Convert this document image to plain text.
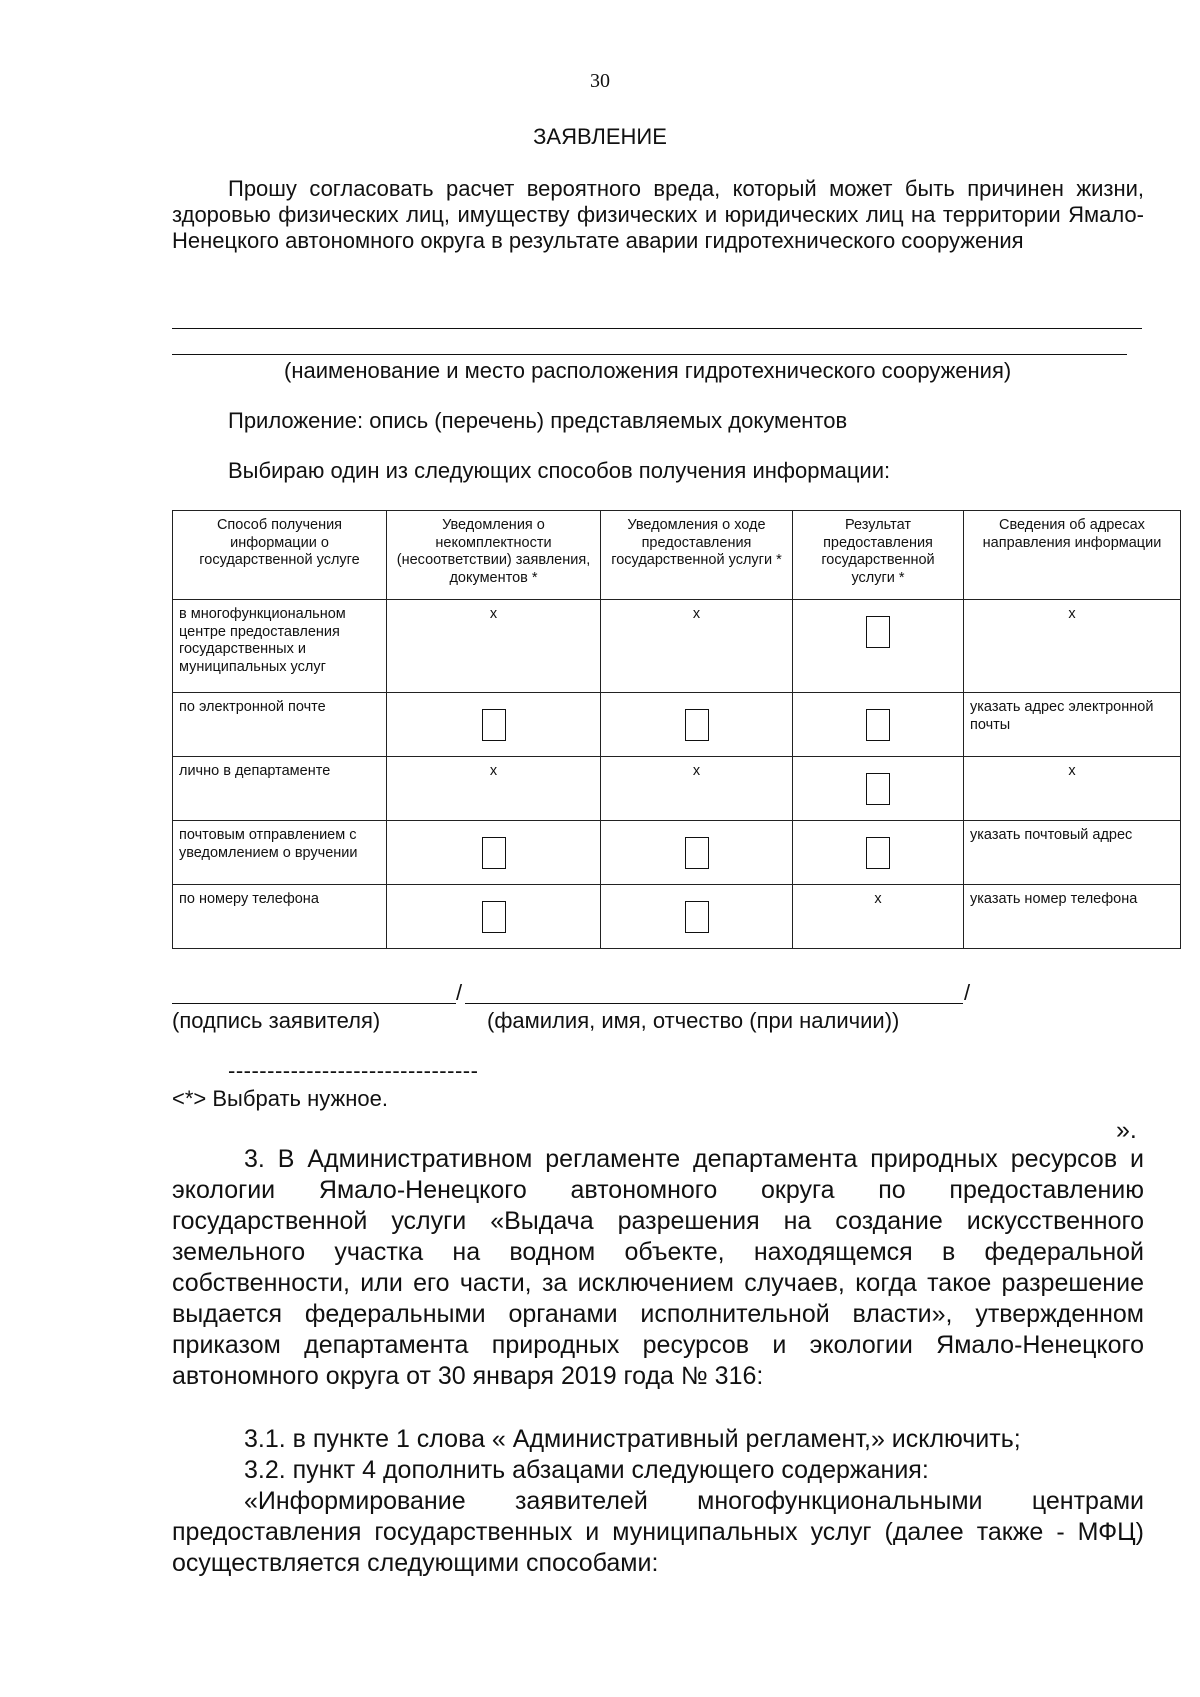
30
ЗАЯВЛЕНИЕ
Прошу согласовать расчет вероятного вреда, который может быть причинен жизни, здоровью физических лиц, имуществу физических и юридических лиц на территории Ямало-Ненецкого автономного округа в результате аварии гидротехнического сооружения
(наименование и место расположения гидротехнического сооружения)
Приложение: опись (перечень) представляемых документов
Выбираю один из следующих способов получения информации:
Способ получения информации о государственной услуге	Уведомления о некомплектности (несоответствии) заявления, документов *	Уведомления о ходе предоставления государственной услуги *	Результат предоставления государственной услуги *	Сведения об адресах направления информации
в многофункциональном центре предоставления государственных и муниципальных услуг	x	x		x
по электронной почте				указать адрес электронной почты
лично в департаменте	x	x		x
почтовым отправлением с уведомлением о вручении				указать почтовый адрес
по номеру телефона			x	указать номер телефона
/	/
(подпись заявителя)	(фамилия, имя, отчество (при наличии))
--------------------------------
<*> Выбрать нужное.
».
3. В Административном регламенте департамента природных ресурсов и экологии Ямало-Ненецкого автономного округа по предоставлению государственной услуги «Выдача разрешения на создание искусственного земельного участка на водном объекте, находящемся в федеральной собственности, или его части, за исключением случаев, когда такое разрешение выдается федеральными органами исполнительной власти», утвержденном приказом департамента природных ресурсов и экологии Ямало-Ненецкого автономного округа от 30 января 2019 года № 316:
3.1. в пункте 1 слова « Административный регламент,» исключить;
3.2. пункт 4 дополнить абзацами следующего содержания:
«Информирование заявителей многофункциональными центрами предоставления государственных и муниципальных услуг (далее также - МФЦ) осуществляется следующими способами:
